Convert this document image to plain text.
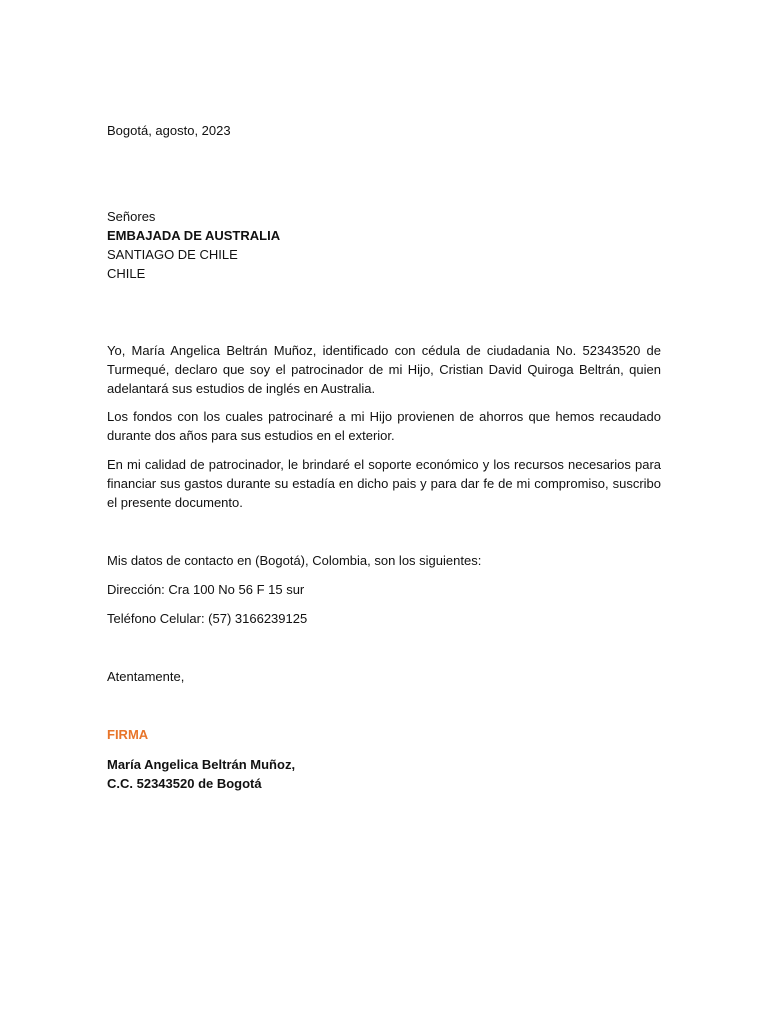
Bogotá, agosto, 2023
Señores
EMBAJADA DE AUSTRALIA
SANTIAGO DE CHILE
CHILE
Yo, María Angelica Beltrán Muñoz, identificado con cédula de ciudadania No. 52343520 de Turmequé, declaro que soy el patrocinador de mi Hijo, Cristian David Quiroga Beltrán, quien adelantará sus estudios de inglés en Australia.
Los fondos con los cuales patrocinaré a mi Hijo provienen de ahorros que hemos recaudado durante dos años para sus estudios en el exterior.
En mi calidad de patrocinador, le brindaré el soporte económico y los recursos necesarios para financiar sus gastos durante su estadía en dicho pais y para dar fe de mi compromiso, suscribo el presente documento.
Mis datos de contacto en (Bogotá), Colombia, son los siguientes:
Dirección: Cra 100 No 56 F 15 sur
Teléfono Celular: (57) 3166239125
Atentamente,
FIRMA
María Angelica Beltrán Muñoz,
C.C. 52343520 de Bogotá
